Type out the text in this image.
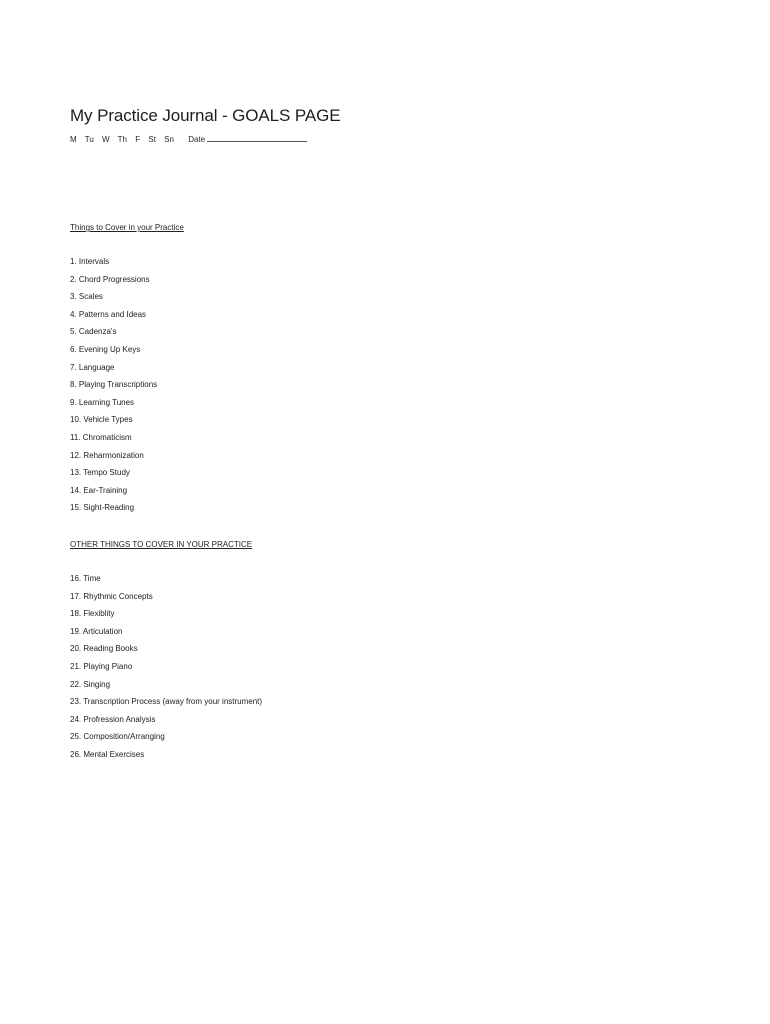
My Practice Journal - GOALS PAGE
M Tu W Th F St Sn Date
Things to Cover in your Practice
1. Intervals
2. Chord Progressions
3. Scales
4. Patterns and Ideas
5. Cadenza's
6. Evening Up Keys
7. Language
8. Playing Transcriptions
9. Learning Tunes
10. Vehicle Types
11. Chromaticism
12. Reharmonization
13. Tempo Study
14. Ear-Training
15. Sight-Reading
OTHER THINGS TO COVER IN YOUR PRACTICE
16. Time
17. Rhythmic Concepts
18. Flexiblity
19. Articulation
20. Reading Books
21. Playing Piano
22. Singing
23. Transcription Process (away from your instrument)
24. Profression Analysis
25. Composition/Arranging
26. Mental Exercises
